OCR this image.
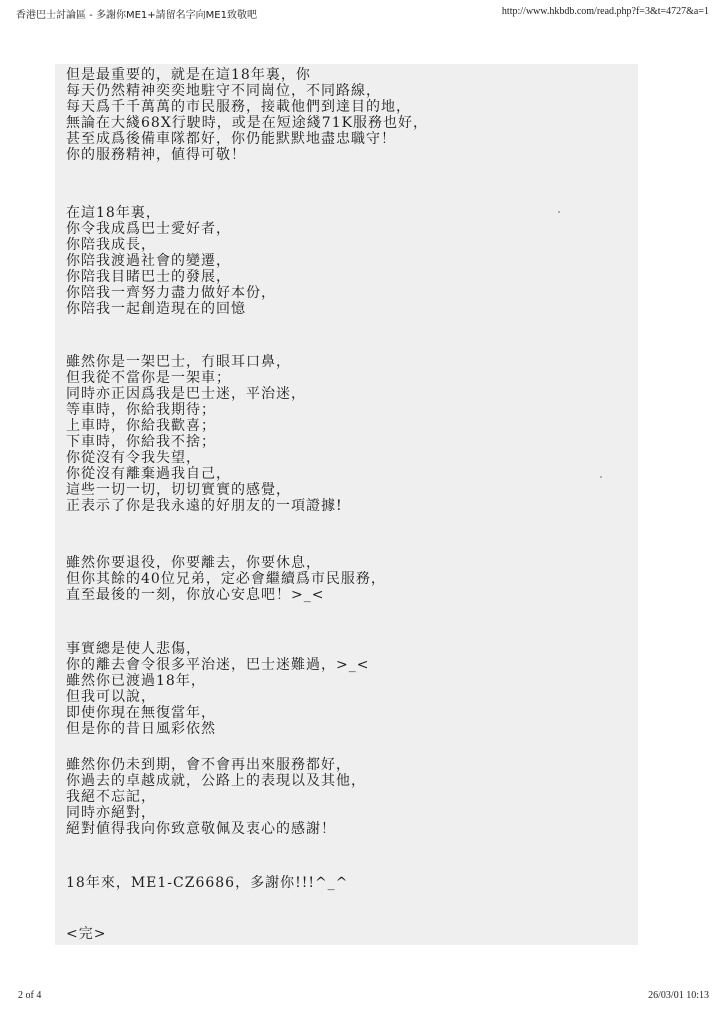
香港巴士討論區 - 多謝你ME1+請留名字向ME1致敬吧	http://www.hkbdb.com/read.php?f=3&t=4727&a=1
但是最重要的，就是在這18年裏，你
每天仍然精神奕奕地駐守不同崗位，不同路線，
每天爲千千萬萬的市民服務，接載他們到達目的地，
無論在大綫68X行駛時，或是在短途綫71K服務也好，
甚至成爲後備車隊都好，你仍能默默地盡忠職守！
你的服務精神，値得可敬！
在這18年裏，
你令我成爲巴士愛好者，
你陪我成長，
你陪我渡過社會的變遷，
你陪我目睹巴士的發展，
你陪我一齊努力盡力做好本份，
你陪我一起創造現在的回憶
雖然你是一架巴士，冇眼耳口鼻，
但我從不當你是一架車；
同時亦正因爲我是巴士迷，平治迷，
等車時，你給我期待；
上車時，你給我歡喜；
下車時，你給我不捨；
你從沒有令我失望，
你從沒有離棄過我自己，
這些一切一切，切切實實的感覺，
正表示了你是我永遠的好朋友的一項證據!
雖然你要退役，你要離去，你要休息，
但你其餘的40位兄弟，定必會繼續爲市民服務，
直至最後的一刻，你放心安息吧！>_<
事實總是使人悲傷，
你的離去會令很多平治迷，巴士迷難過，>_<
雖然你已渡過18年，
但我可以說，
即使你現在無復當年，
但是你的昔日風彩依然
雖然你仍未到期，會不會再出來服務都好，
你過去的卓越成就，公路上的表現以及其他，
我絕不忘記，
同時亦絕對，
絕對値得我向你致意敬佩及衷心的感謝！
18年來，ME1-CZ6686，多謝你!!!^_^
<完>
2 of 4	26/03/01 10:13
